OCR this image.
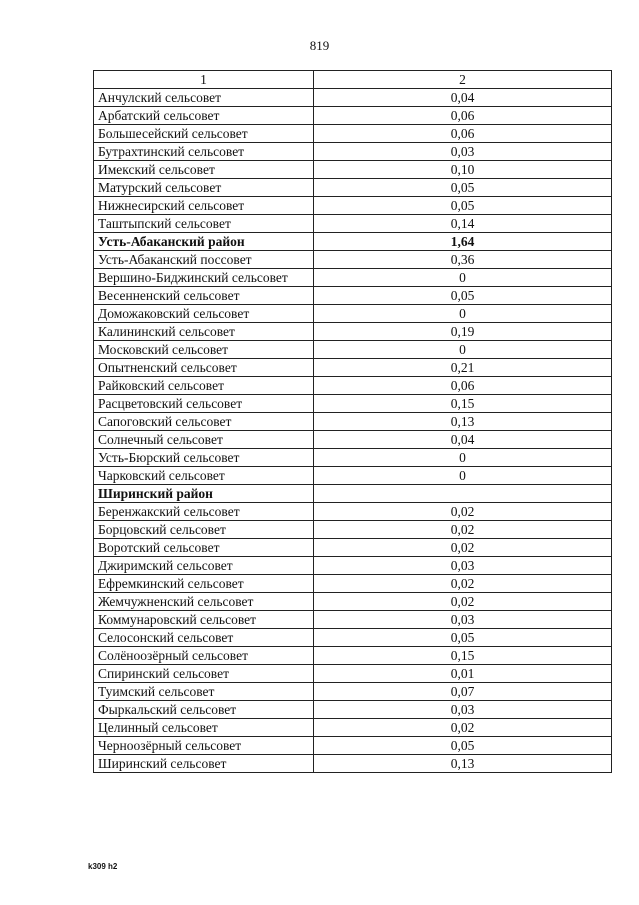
819
1	2
Анчулский сельсовет	0,04
Арбатский сельсовет	0,06
Большесейский сельсовет	0,06
Бутрахтинский сельсовет	0,03
Имекский сельсовет	0,10
Матурский сельсовет	0,05
Нижнесирский сельсовет	0,05
Таштыпский сельсовет	0,14
Усть-Абаканский район	1,64
Усть-Абаканский поссовет	0,36
Вершино-Биджинский сельсовет	0
Весенненский сельсовет	0,05
Доможаковский сельсовет	0
Калининский сельсовет	0,19
Московский сельсовет	0
Опытненский сельсовет	0,21
Райковский сельсовет	0,06
Расцветовский сельсовет	0,15
Сапоговский сельсовет	0,13
Солнечный сельсовет	0,04
Усть-Бюрский сельсовет	0
Чарковский сельсовет	0
Ширинский район	
Беренжакский сельсовет	0,02
Борцовский сельсовет	0,02
Воротский сельсовет	0,02
Джиримский сельсовет	0,03
Ефремкинский сельсовет	0,02
Жемчужненский сельсовет	0,02
Коммунаровский сельсовет	0,03
Селосонский сельсовет	0,05
Солёноозёрный сельсовет	0,15
Спиринский сельсовет	0,01
Туимский сельсовет	0,07
Фыркальский сельсовет	0,03
Целинный сельсовет	0,02
Черноозёрный сельсовет	0,05
Ширинский сельсовет	0,13
k309 h2
